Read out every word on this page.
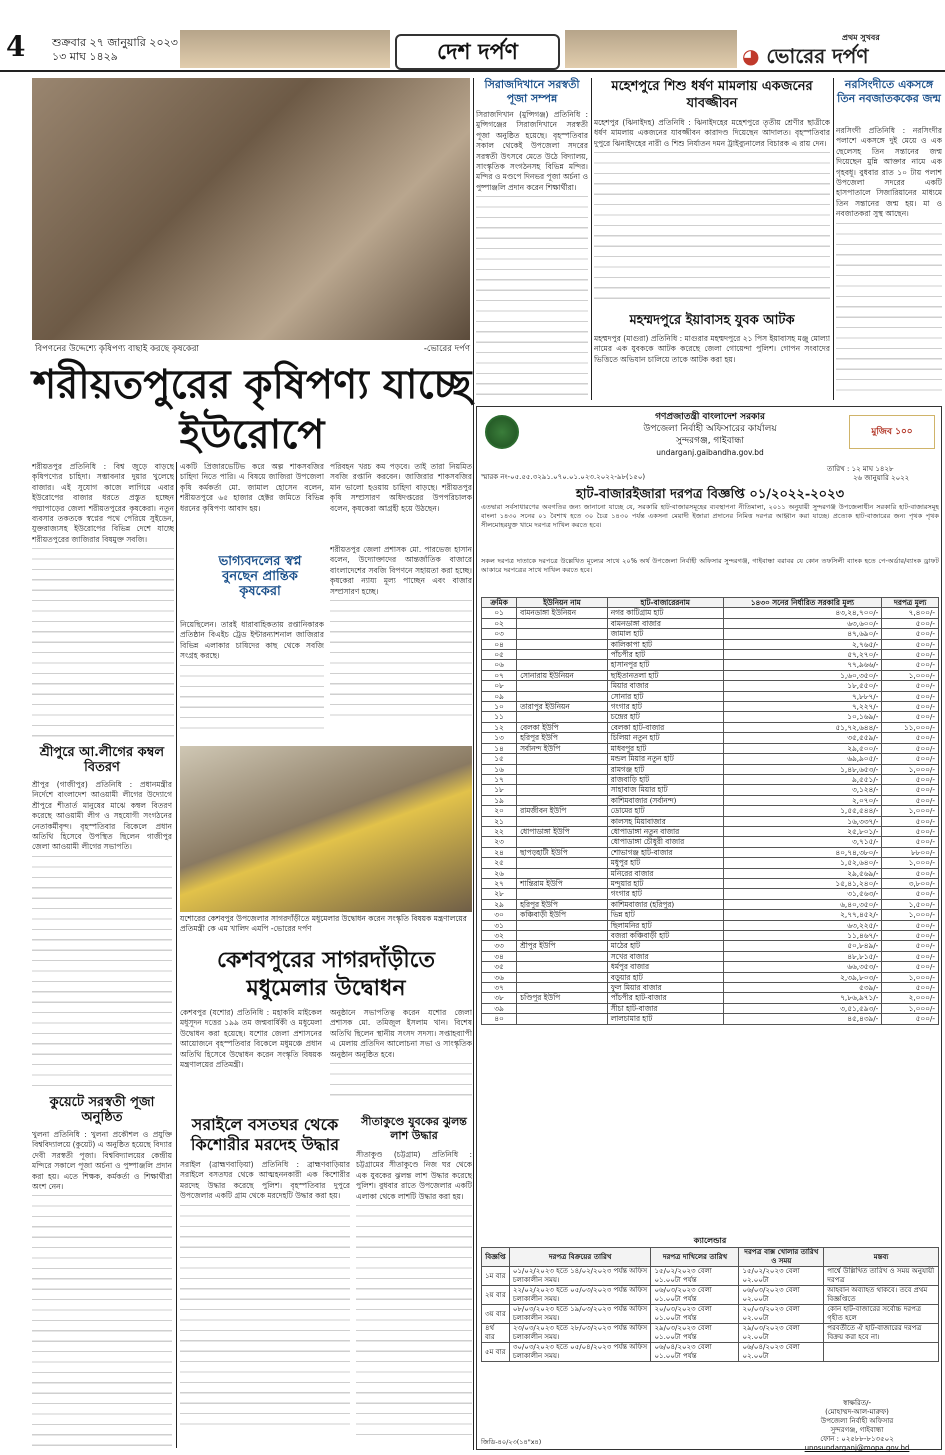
4 শুক্রবার ২৭ জানুয়ারি ২০২৩
১৩ মাঘ ১৪২৯	দেশ দর্পণ
প্রথম সুখবর
◕ ভোরের দর্পণ
বিপণনের উদ্দেশ্যে কৃষিপণ্য বাছাই করছে কৃষকেরা	-ভোরের দর্পণ
শরীয়তপুরের কৃষিপণ্য যাচ্ছে ইউরোপে
শরীয়তপুর প্রতিনিধি : বিশ্ব জুড়ে বাড়ছে কৃষিপণ্যের চাহিদা। সম্ভাবনার দুয়ার খুলেছে বাজার। এই সুযোগ কাজে লাগিয়ে এবার ইউরোপের বাজার ধরতে প্রস্তুত হচ্ছেন পদ্মাপাড়ের জেলা শরীয়তপুরের কৃষকেরা। নতুন ব্যবসার তকতকে স্বপ্নের পথে পেরিয়ে সুইডেন, যুক্তরাজ্যসহ ইউরোপের বিভিন্ন দেশে যাচ্ছে শরীয়তপুরের জাজিরার বিষমুক্ত সবজি।
একটি প্রিজারভেটিভ করে অল্প শাকসবজির চাহিদা নিতে পারি। এ বিষয়ে জাজিরা উপজেলা কৃষি কর্মকর্তা মো. জামাল হোসেন বলেন, শরীয়তপুরে ৬৫ হাজার হেক্টর জমিতে বিভিন্ন ধরনের কৃষিপণ্য আবাদ হয়।
পরিবহন খরচ কম পড়বে। তাই তারা নিয়মিত সবজি রপ্তানি করবেন। জাজিরার শাকসবজির মান ভালো হওয়ায় চাহিদা বাড়ছে। শরীয়তপুর কৃষি সম্প্রসারণ অধিদপ্তরের উপপরিচালক বলেন, কৃষকেরা আগ্রহী হয়ে উঠছেন।
ভাগ্যবদলের স্বপ্ন বুনছেন প্রান্তিক কৃষকেরা
নিয়েছিলেন। তারই ধারাবাহিকতায় রপ্তানিকারক প্রতিষ্ঠান বিএইচ ট্রেড ইন্টারন্যাশনাল জাজিরার বিভিন্ন এলাকার চাষিদের কাছ থেকে সবজি সংগ্রহ করছে।
শরীয়তপুর জেলা প্রশাসক মো. পারভেজ হাসান বলেন, উদ্যোক্তাদের আন্তর্জাতিক বাজারে বাংলাদেশের সবজি বিপণনে সহায়তা করা হচ্ছে। কৃষকেরা ন্যায্য মূল্য পাচ্ছেন এবং বাজার সম্প্রসারণ হচ্ছে।
শ্রীপুরে আ.লীগের কম্বল বিতরণ
শ্রীপুর (গাজীপুর) প্রতিনিধি : প্রধানমন্ত্রীর নির্দেশে বাংলাদেশ আওয়ামী লীগের উদ্যোগে শ্রীপুরে শীতার্ত মানুষের মাঝে কম্বল বিতরণ করেছে আওয়ামী লীগ ও সহযোগী সংগঠনের নেতাকর্মীবৃন্দ। বৃহস্পতিবার বিকেলে প্রধান অতিথি হিসেবে উপস্থিত ছিলেন গাজীপুর জেলা আওয়ামী লীগের সভাপতি।
কুয়েটে সরস্বতী পূজা অনুষ্ঠিত
খুলনা প্রতিনিধি : খুলনা প্রকৌশল ও প্রযুক্তি বিশ্ববিদ্যালয়ে (কুয়েট) এ অনুষ্ঠিত হয়েছে বিদ্যার দেবী সরস্বতী পূজা। বিশ্ববিদ্যালয়ের কেন্দ্রীয় মন্দিরে সকালে পূজা অর্চনা ও পুষ্পাঞ্জলি প্রদান করা হয়। এতে শিক্ষক, কর্মকর্তা ও শিক্ষার্থীরা অংশ নেন।
যশোরের কেশবপুর উপজেলার সাগরদাঁড়ীতে মধুমেলার উদ্বোধন করেন সংস্কৃতি বিষয়ক মন্ত্রণালয়ের প্রতিমন্ত্রী কে এম খালিদ এমপি -ভোরের দর্পণ
কেশবপুরের সাগরদাঁড়ীতে মধুমেলার উদ্বোধন
কেশবপুর (যশোর) প্রতিনিধি : মহাকবি মাইকেল মধুসূদন দত্তের ১৯৯ তম জন্মবার্ষিকী ও মধুমেলা উদ্বোধন করা হয়েছে। যশোর জেলা প্রশাসনের আয়োজনে বৃহস্পতিবার বিকেলে মধুমঞ্চে প্রধান অতিথি হিসেবে উদ্বোধন করেন সংস্কৃতি বিষয়ক মন্ত্রণালয়ের প্রতিমন্ত্রী।
অনুষ্ঠানে সভাপতিত্ব করেন যশোর জেলা প্রশাসক মো. তমিজুল ইসলাম খান। বিশেষ অতিথি ছিলেন স্থানীয় সংসদ সদস্য। সপ্তাহব্যাপী এ মেলায় প্রতিদিন আলোচনা সভা ও সাংস্কৃতিক অনুষ্ঠান অনুষ্ঠিত হবে।
সরাইলে বসতঘর থেকে কিশোরীর মরদেহ উদ্ধার
সরাইল (ব্রাহ্মণবাড়িয়া) প্রতিনিধি : ব্রাহ্মণবাড়িয়ার সরাইলে বসতঘর থেকে আত্মহননকারী এক কিশোরীর মরদেহ উদ্ধার করেছে পুলিশ। বৃহস্পতিবার দুপুরে উপজেলার একটি গ্রাম থেকে মরদেহটি উদ্ধার করা হয়।
সীতাকুণ্ডে যুবকের ঝুলন্ত লাশ উদ্ধার
সীতাকুণ্ড (চট্টগ্রাম) প্রতিনিধি : চট্টগ্রামের সীতাকুণ্ডে নিজ ঘর থেকে এক যুবকের ঝুলন্ত লাশ উদ্ধার করেছে পুলিশ। বুধবার রাতে উপজেলার একটি এলাকা থেকে লাশটি উদ্ধার করা হয়।
সিরাজদিখানে সরস্বতী পূজা সম্পন্ন
সিরাজদিখান (মুন্সিগঞ্জ) প্রতিনিধি : মুন্সিগঞ্জের সিরাজদিখানে সরস্বতী পূজা অনুষ্ঠিত হয়েছে। বৃহস্পতিবার সকাল থেকেই উপজেলা সদরের সরস্বতী উৎসবে মেতে উঠে বিদ্যালয়, সাংস্কৃতিক সংগঠনসহ বিভিন্ন মন্দির। মন্দির ও মণ্ডপে দিনভর পূজা অর্চনা ও পুষ্পাঞ্জলি প্রদান করেন শিক্ষার্থীরা।
মহেশপুরে শিশু ধর্ষণ মামলায় একজনের যাবজ্জীবন
মহেশপুর (ঝিনাইদহ) প্রতিনিধি : ঝিনাইদহের মহেশপুরে তৃতীয় শ্রেণীর ছাত্রীকে ধর্ষণ মামলায় একজনের যাবজ্জীবন কারাদণ্ড দিয়েছেন আদালত। বৃহস্পতিবার দুপুরে ঝিনাইদহের নারী ও শিশু নির্যাতন দমন ট্রাইব্যুনালের বিচারক এ রায় দেন।
মহম্মদপুরে ইয়াবাসহ যুবক আটক
মহম্মদপুর (মাগুরা) প্রতিনিধি : মাগুরার মহম্মদপুরে ২১ পিস ইয়াবাসহ মঞ্জু মোল্যা নামের এক যুবককে আটক করেছে জেলা গোয়েন্দা পুলিশ। গোপন সংবাদের ভিত্তিতে অভিযান চালিয়ে তাকে আটক করা হয়।
নরসিংদীতে একসঙ্গে তিন নবজাতককের জন্ম
নরসিংদী প্রতিনিধি : নরসিংদীর পলাশে একসঙ্গে দুই মেয়ে ও এক ছেলেসহ তিন সন্তানের জন্ম দিয়েছেন মুন্নি আক্তার নামে এক গৃহবধূ। বুধবার রাত ১০ টায় পলাশ উপজেলা সদরের একটি হাসপাতালে সিজারিয়ানের মাধ্যমে তিন সন্তানের জন্ম হয়। মা ও নবজাতকরা সুস্থ আছেন।
গণপ্রজাতন্ত্রী বাংলাদেশ সরকার
উপজেলা নির্বাহী অফিসারের কার্যালয়
সুন্দরগঞ্জ, গাইবান্ধা
undarganj.gaibandha.gov.bd
মুজিব ১০০
স্মারক নং-০৫.৫৫.৩২৯১.০৭০.০১.০২৩.২০২২-৯৮(১৫০)
তারিখ : ১২ মাঘ ১৪২৮
২৬ জানুয়ারি ২০২২
হাট-বাজারইজারা দরপত্র বিজ্ঞপ্তি ০১/২০২২-২০২৩
এতদ্বারা সর্বসাধারণের অবগতির জন্য জানানো যাচ্ছে যে, সরকারি হাট-বাজারসমূহের ব্যবস্থাপনা নীতিমালা, ২০১১ অনুযায়ী সুন্দরগঞ্জ উপজেলাধীন সরকারি হাট-বাজারসমূহ বাংলা ১৪৩০ সনের ০১ বৈশাখ হতে ৩০ চৈত্র ১৪৩০ পর্যন্ত একসনা মেয়াদী ইজারা প্রদানের নিমিত্ত দরপত্র আহ্বান করা যাচ্ছে। প্রত্যেক হাট-বাজারের জন্য পৃথক পৃথক সীলমোহরযুক্ত খামে দরপত্র দাখিল করতে হবে।
সকল দরপত্র দাতাকে দরপত্রে উল্লেখিত মূল্যের সাথে ২০% অর্থ উপজেলা নির্বাহী অফিসার সুন্দরগঞ্জ, গাইবান্ধা বরাবর যে কোন তফসিলী ব্যাংক হতে পে-অর্ডার/ব্যাংক ড্রাফট আকারে দরপত্রের সাথে দাখিল করতে হবে।
ক্রমিক	ইউনিয়ন নাম	হাট-বাজারেরনাম	১৪৩০ সনের নির্ধারিত সরকারি মূল্য	দরপত্র মূল্য
০১	বামনডাঙ্গা ইউনিয়ন	নগর কাটিগ্রাম হাট	৪৩,২৪,৭০০/-	৭,৪০০/-
০২		বামনডাঙ্গা বাজার	৬৩,৬০০/-	৫০০/-
০৩		জামাল হাট	৪৭,৬৯০/-	৫০০/-
০৪		কালিকাপা হাট	২,৭৬৫/-	৫০০/-
০৫		পাঁচপীর হাট	৫৭,২৭০/-	৫০০/-
০৬		হাসানপুর হাট	৭৭,৯৬৬/-	৫০০/-
০৭	সোনারায় ইউনিয়ন	ছাইতানতলা হাট	১,৬০,৩৫০/-	১,০০০/-
০৮		মিয়ার বাজার	১৮,৫৫০/-	৫০০/-
০৯		সোনার হাট	৭,৮৮৭/-	৫০০/-
১০	তারাপুর ইউনিয়ন	গংগার হাট	৭,২২৭/-	৫০০/-
১১		চন্দ্রের হাট	১০,১৬৯/-	৫০০/-
১২	বেলকা ইউপি	বেলকা হাট-বাজার	৫১,৭২,৬৪৪/-	১১,০০০/-
১৩	হরিপুর ইউপি	চিলিয়া নতুন হাট	৩৫,৫৫৯/-	৫০০/-
১৪	সর্বানন্দ ইউপি	মাধবপুর হাট	২৯,৫০০/-	৫০০/-
১৫		মন্ডল মিয়ার নতুন হাট	৬৯,৯০৫/-	৫০০/-
১৬		রামগঞ্জ হাট	১,৪৮,৬৫৩/-	১,০০০/-
১৭		রাজবাড়ি হাট	৯,৫৫১/-	৫০০/-
১৮		সাহাবাজ মিয়ার হাট	৩,১২৪/-	৫০০/-
১৯		কাশিমবাজার (সর্বানন্দ)	২,০৭০/-	৫০০/-
২০	রামজীবন ইউপি	ডোমের হাট	১,৫৫,৫৪৪/-	১,০০০/-
২১		কালসহ মিয়াবাজার	১৬,৩৩৭/-	৫০০/-
২২	ধোপাডাঙ্গা ইউপি	ধোপাডাঙ্গা নতুন বাজার	২৫,৮০১/-	৫০০/-
২৩		ধোপাডাঙ্গা চৌধুরী বাজার	৩,৭১৫/-	৫০০/-
২৪	ছাপড়হাটী ইউপি	শোভাগঞ্জ হাট-বাজার	৪০,৭৪,৩৮০/-	৮৮০০/-
২৫		মধুপুর হাট	১,৫২,৬৪০/-	১,০০০/-
২৬		মনিরের বাজার	২৯,৫৬৯/-	৫০০/-
২৭	শান্তিরাম ইউপি	মন্দুয়ার হাট	১৫,৪১,২৪০/-	৩,৮০০/-
২৮		গংগার হাট	৩১,৫৬৩/-	৫০০/-
২৯	হরিপুর ইউপি	কাশিমবাজার (হরিপুর)	৬,৪০,৩৫০/-	১,৫০০/-
৩০	কঞ্চিবাড়ী ইউপি	ভিন্ন হাট	২,৭৭,৪৫২/-	১,০০০/-
৩১		ছিলামনির হাট	৬৩,২২৫/-	৫০০/-
৩২		বজরা কঞ্চিবাড়ী হাট	১১,৪৬৭/-	৫০০/-
৩৩	শ্রীপুর ইউপি	মাঠের হাট	৫০,৮৪৯/-	৫০০/-
৩৪		সখের বাজার	৪৮,৮১৫/-	৫০০/-
৩৫		ধর্মপুর বাজার	৬৬,৩৫৩/-	৫০০/-
৩৬		বড়ুয়ার হাট	২,৩৯,৮০৩/-	১,০০০/-
৩৭		ফুল মিয়ার বাজার	৫৩৯/-	৫০০/-
৩৮	চণ্ডিপুর ইউপি	পাঁচপীর হাট-বাজার	৭,৮৬,৯৭১/-	২,০০০/-
৩৯		সীচা হাট-বাজার	৩,৫১,৫৯৩/-	১,০০০/-
৪০		লালচামার হাট	৪৫,৪৩৯/-	৫০০/-
ক্যালেন্ডার
বিজ্ঞপ্তি	দরপত্র বিক্রয়ের তারিখ	দরপত্র দাখিলের তারিখ	দরপত্র বাক্স খোলার তারিখ ও সময়	মন্তব্য
১ম বার	০১/০২/২০২৩ হতে ১৪/০২/২০২৩ পর্যন্ত অফিস চলাকালীন সময়।	১৫/০২/২০২৩ বেলা ০১.০০টা পর্যন্ত	১৫/০২/২০২৩ বেলা ০২.০০টা	পার্শ্বে উল্লিখিত তারিখ ও সময় অনুযায়ী দরপত্র
২য় বার	২২/০২/২০২৩ হতে ০৫/০৩/২০২৩ পর্যন্ত অফিস চলাকালীন সময়।	০৬/০৩/২০২৩ বেলা ০১.০০টা পর্যন্ত	০৬/০৩/২০২৩ বেলা ০২.০০টা	আহবান অব্যাহত থাকবে। তবে প্রথম বিজ্ঞপ্তিতে
৩য় বার	০৮/০৩/২০২৩ হতে ১৯/০৩/২০২৩ পর্যন্ত অফিস চলাকালীন সময়।	২০/০৩/২০২৩ বেলা ০১.০০টা পর্যন্ত	২০/০৩/২০২৩ বেলা ০২.০০টা	কোন হাট-বাজারের সর্বোচ্চ দরপত্র গৃহীত হলে
৪র্থ বার	২৩/০৩/২০২৩ হতে ২৮/০৩/২০২৩ পর্যন্ত অফিস চলাকালীন সময়।	২৯/০৩/২০২৩ বেলা ০১.০০টা পর্যন্ত	২৯/০৩/২০২৩ বেলা ০২.০০টা	পরবর্তীতে ঐ হাট-বাজারের দরপত্র বিক্রয় করা হবে না।
৫ম বার	৩০/০৩/২০২৩ হতে ০৫/০৪/২০২৩ পর্যন্ত অফিস চলাকালীন সময়।	০৬/০৪/২০২৩ বেলা ০১.০০টা পর্যন্ত	০৬/০৪/২০২৩ বেলা ০২.০০টা	
স্বাক্ষরিত/-
(মোহাম্মদ-আল-মারুফ)
উপজেলা নির্বাহী অফিসার
সুন্দরগঞ্জ, গাইবান্ধা
ফোন : ০২৫৮৮-৮১৩৫০২
unosundarganj@mopa.gov.bd
জিডি-৪০/২৩(১৪"x৪)
